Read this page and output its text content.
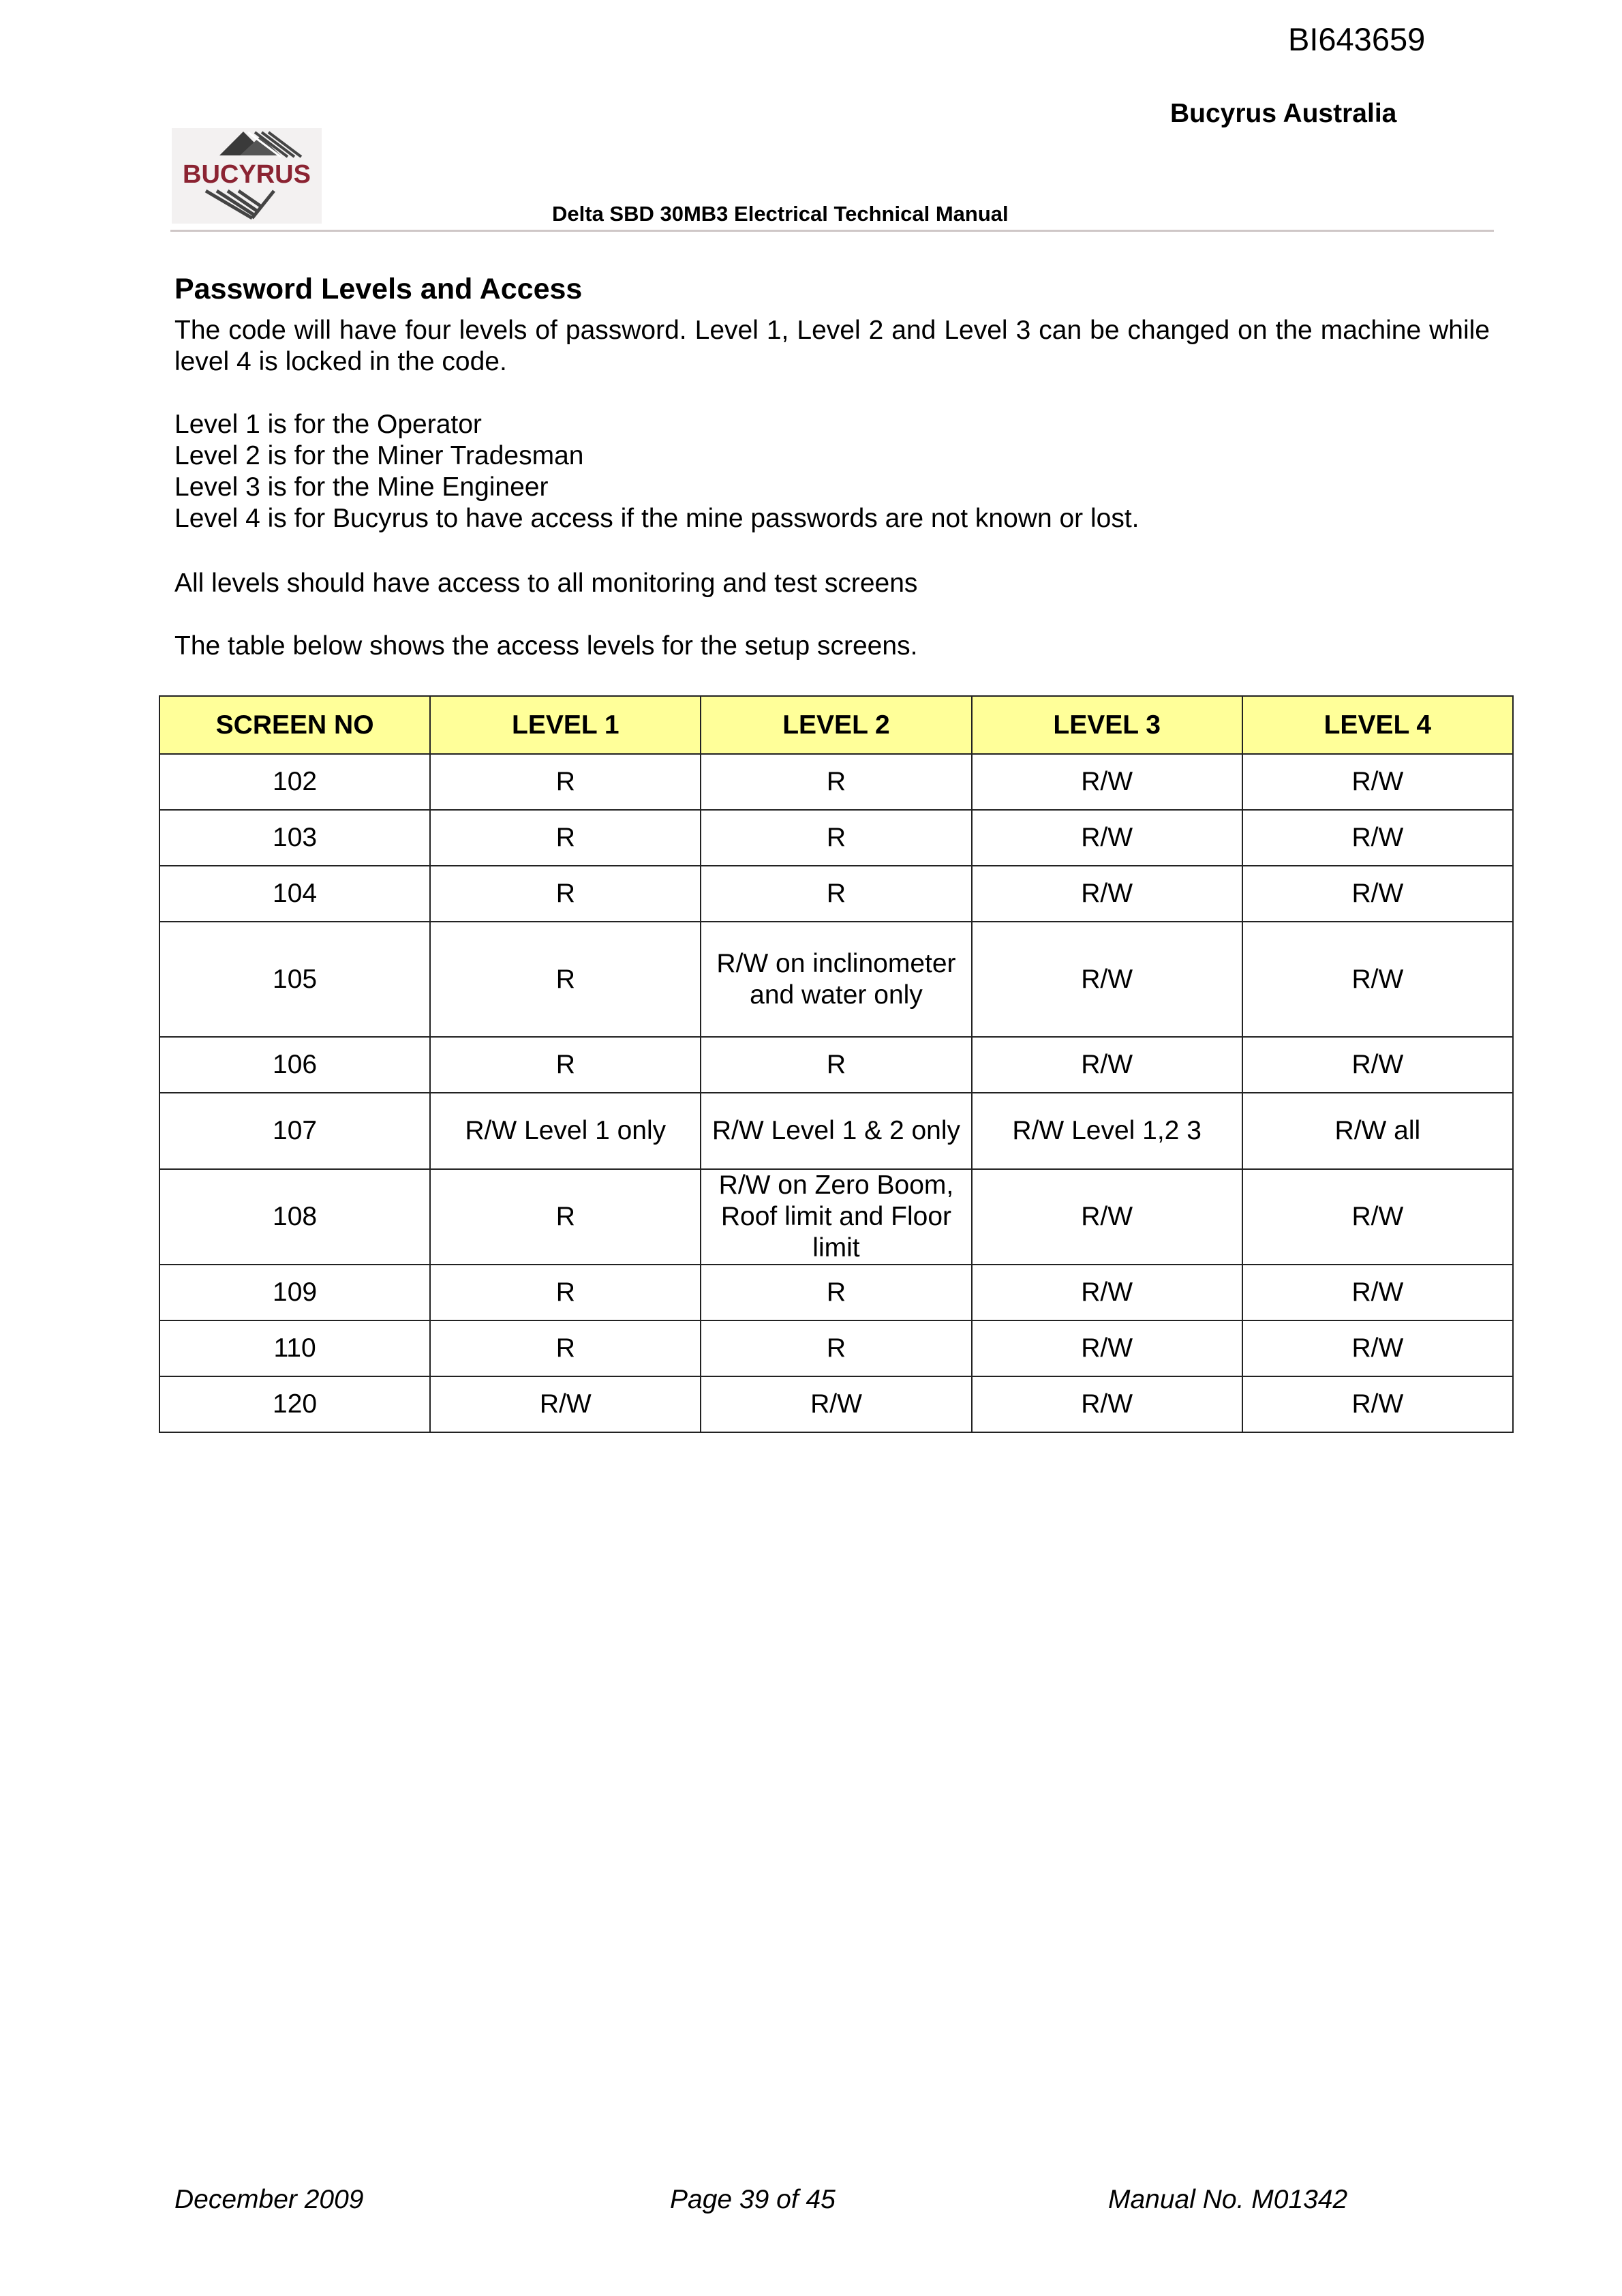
BI643659
Bucyrus Australia
BUCYRUS
Delta SBD 30MB3 Electrical Technical Manual
Password Levels and Access

The code will have four levels of password. Level 1, Level 2 and Level 3 can be changed on the machine while level 4 is locked in the code.

Level 1 is for the Operator
Level 2 is for the Miner Tradesman
Level 3 is for the Mine Engineer
Level 4 is for Bucyrus to have access if the mine passwords are not known or lost.

All levels should have access to all monitoring and test screens

The table below shows the access levels for the setup screens.

SCREEN NO	LEVEL 1	LEVEL 2	LEVEL 3	LEVEL 4
102	R	R	R/W	R/W
103	R	R	R/W	R/W
104	R	R	R/W	R/W
105	R	R/W on inclinometer and water only	R/W	R/W
106	R	R	R/W	R/W
107	R/W Level 1 only	R/W Level 1 & 2 only	R/W Level 1,2 3	R/W all
108	R	R/W on Zero Boom, Roof limit and Floor limit	R/W	R/W
109	R	R	R/W	R/W
110	R	R	R/W	R/W
120	R/W	R/W	R/W	R/W
December 2009	Page 39 of 45	Manual No. M01342
